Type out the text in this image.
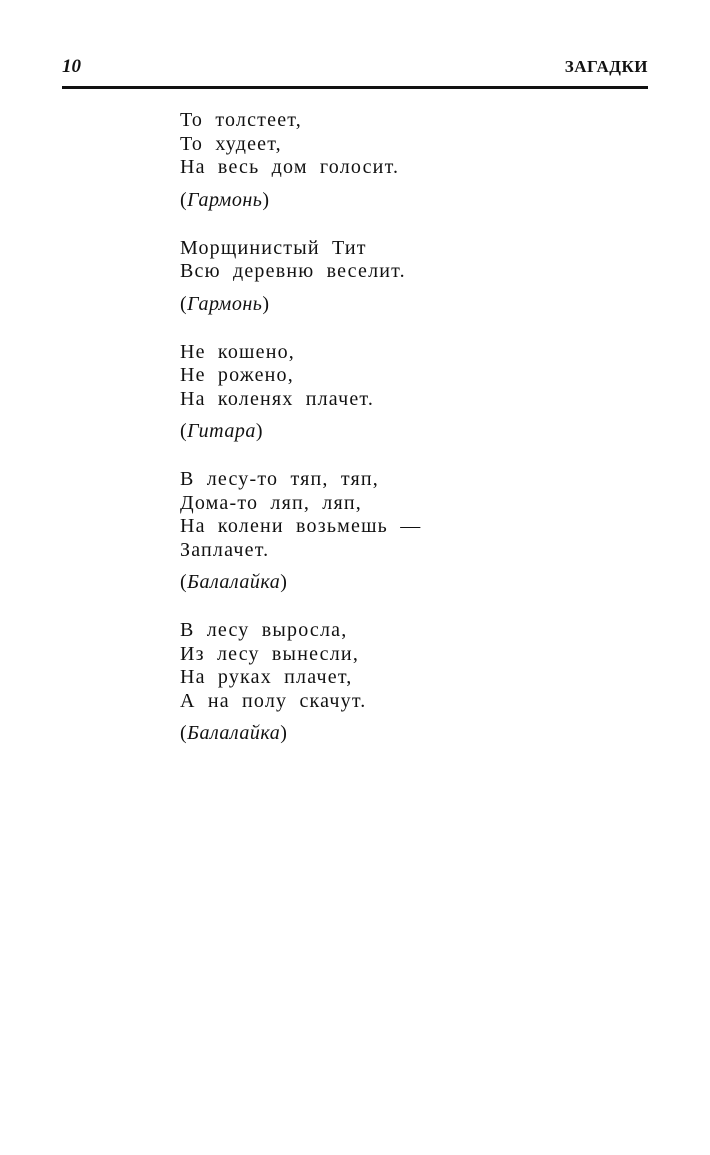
10	ЗАГАДКИ
То толстеет,
То худеет,
На весь дом голосит.
(Гармонь)
Морщинистый Тит
Всю деревню веселит.
(Гармонь)
Не кошено,
Не рожено,
На коленях плачет.
(Гитара)
В лесу-то тяп, тяп,
Дома-то ляп, ляп,
На колени возьмешь —
Заплачет.
(Балалайка)
В лесу выросла,
Из лесу вынесли,
На руках плачет,
А на полу скачут.
(Балалайка)
